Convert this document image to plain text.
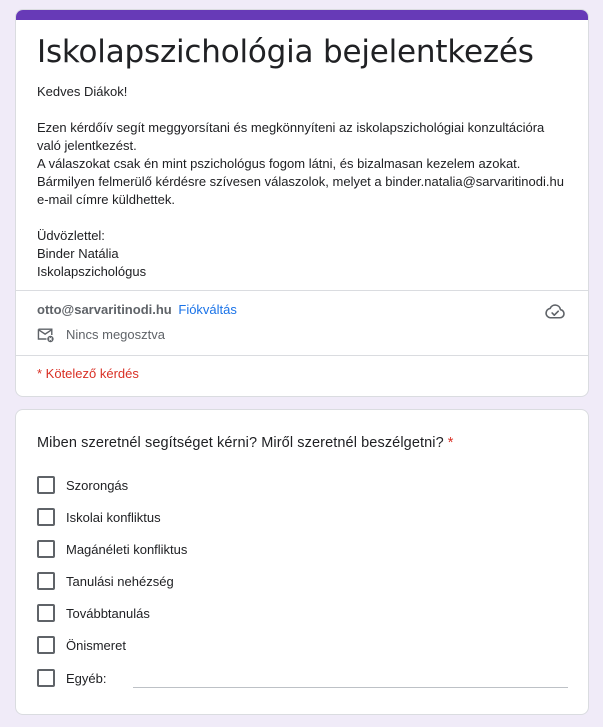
Iskolapszichológia bejelentkezés

Kedves Diákok!

Ezen kérdőív segít meggyorsítani és megkönnyíteni az iskolapszichológiai konzultációra való jelentkezést.

A válaszokat csak én mint pszichológus fogom látni, és bizalmasan kezelem azokat.

Bármilyen felmerülő kérdésre szívesen válaszolok, melyet a binder.natalia@sarvaritinodi.hu e-mail címre küldhettek.

Üdvözlettel:

Binder Natália

Iskolapszichológus

otto@sarvaritinodi.hu Fiókváltás
Nincs megosztva
* Kötelező kérdés
Miben szeretnél segítséget kérni? Miről szeretnél beszélgetni? *
Szorongás
Iskolai konfliktus
Magánéleti konfliktus
Tanulási nehézség
Továbbtanulás
Önismeret
Egyéb:
